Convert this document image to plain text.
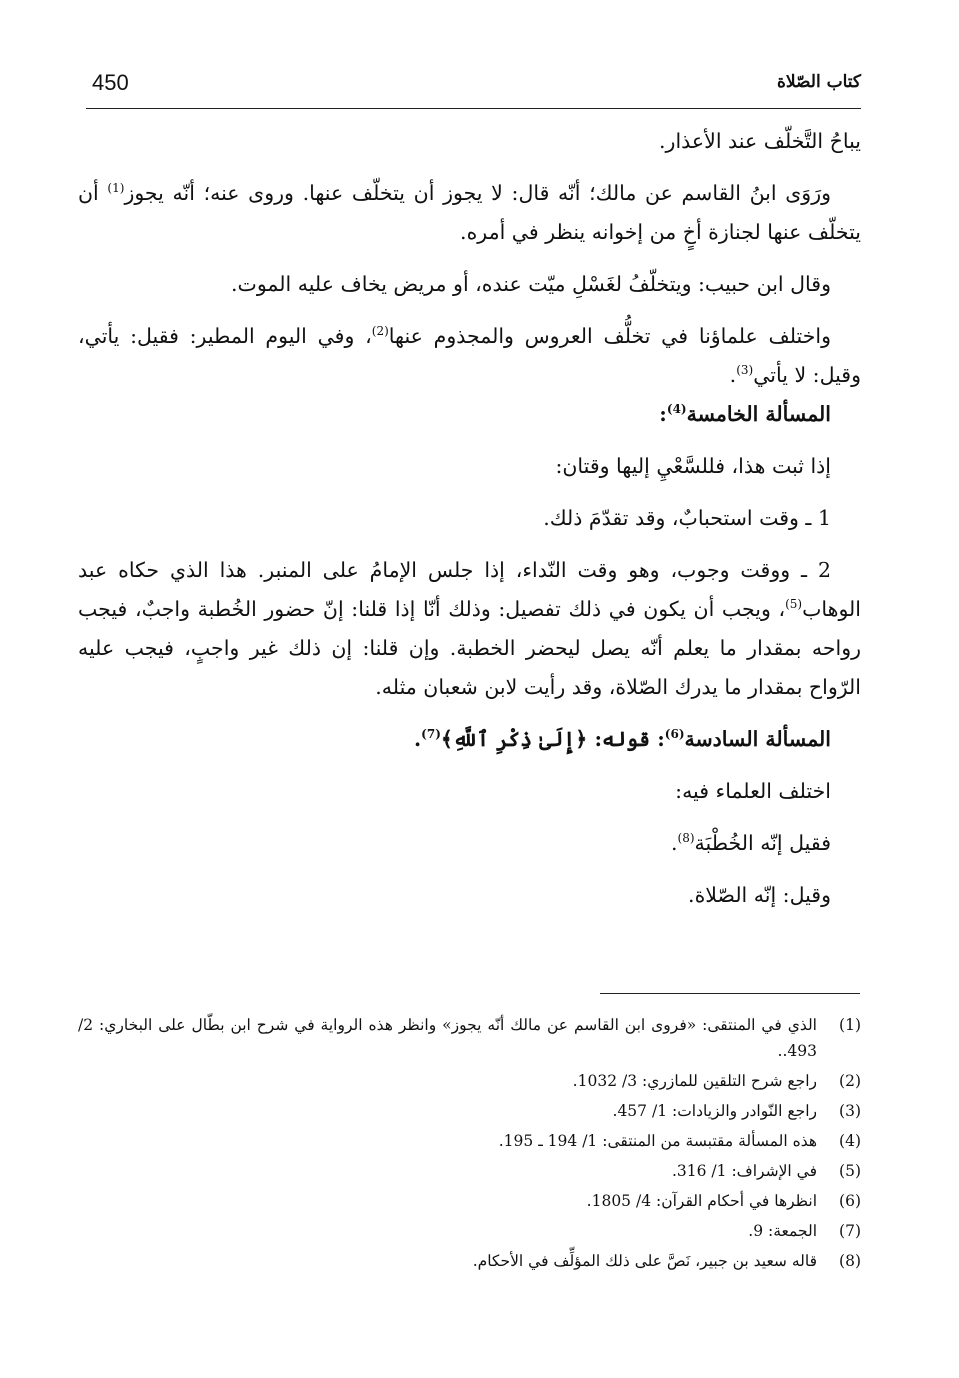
450	كتاب الصّلاة

يباحُ التَّخلّف عند الأعذار.

ورَوَى ابنُ القاسم عن مالك؛ أنّه قال: لا يجوز أن يتخلّف عنها. وروى عنه؛ أنّه يجوز$^{(1)}$ أن يتخلّف عنها لجنازة أخٍ من إخوانه ينظر في أمره.

وقال ابن حبيب: ويتخلّفُ لغَسْلِ ميّت عنده، أو مريض يخاف عليه الموت.

واختلف علماؤنا في تخلُّف العروس والمجذوم عنها$^{(2)}$، وفي اليوم المطير: فقيل: يأتي، وقيل: لا يأتي$^{(3)}$.

المسألة الخامسة$^{(4)}$:

إذا ثبت هذا، فللسَّعْيِ إليها وقتان:

1 ـ وقت استحبابٌ، وقد تقدّمَ ذلك.

2 ـ ووقت وجوب، وهو وقت النّداء، إذا جلس الإمامُ على المنبر. هذا الذي حكاه عبد الوهاب$^{(5)}$، ويجب أن يكون في ذلك تفصيل: وذلك أنّا إذا قلنا: إنّ حضور الخُطبة واجبٌ، فيجب رواحه بمقدار ما يعلم أنّه يصل ليحضر الخطبة. وإن قلنا: إن ذلك غير واجبٍ، فيجب عليه الرّواح بمقدار ما يدرك الصّلاة، وقد رأيت لابن شعبان مثله.

المسألة السادسة$^{(6)}$: قوله: ﴿إِلَىٰ ذِكْرِ ٱللَّهِ﴾$^{(7)}$.

اختلف العلماء فيه:

فقيل إنّه الخُطْبَة$^{(8)}$.

وقيل: إنّه الصّلاة.

(1)
الذي في المنتقى: «فروى ابن القاسم عن مالك أنّه يجوز» وانظر هذه الرواية في شرح ابن بطّال على البخاري: 2/ 493..
(2)
راجع شرح التلقين للمازري: 3/ 1032.
(3)
راجع النّوادر والزيادات: 1/ 457.
(4)
هذه المسألة مقتبسة من المنتقى: 1/ 194 ـ 195.
(5)
في الإشراف: 1/ 316.
(6)
انظرها في أحكام القرآن: 4/ 1805.
(7)
الجمعة: 9.
(8)
قاله سعيد بن جبير، نَصَّ على ذلك المؤلِّف في الأحكام.
